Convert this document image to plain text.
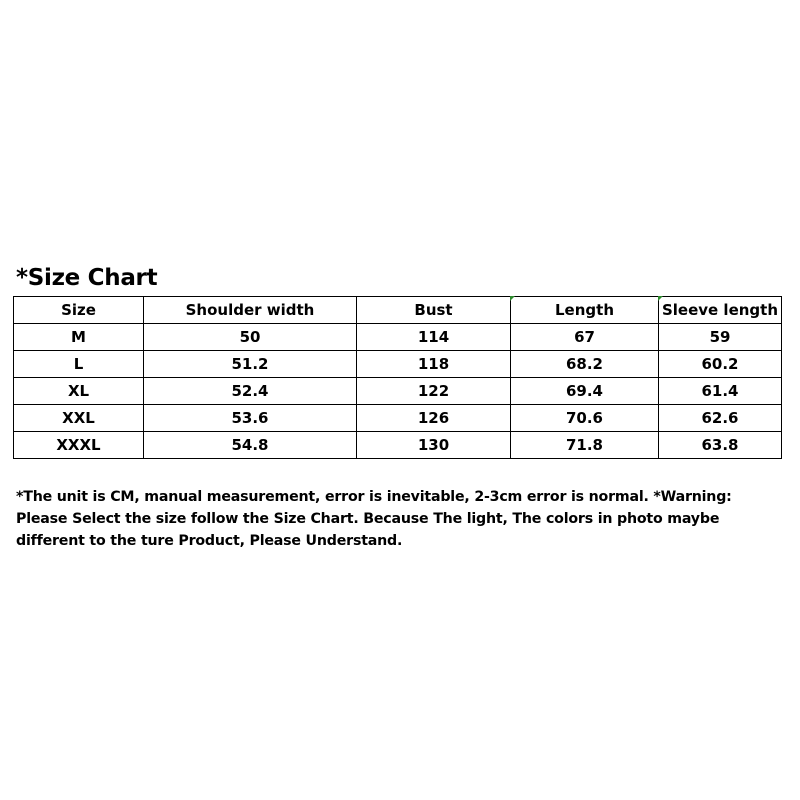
*Size Chart
Size	Shoulder width	Bust	Length	Sleeve length
M	50	114	67	59
L	51.2	118	68.2	60.2
XL	52.4	122	69.4	61.4
XXL	53.6	126	70.6	62.6
XXXL	54.8	130	71.8	63.8
*The unit is CM, manual measurement, error is inevitable, 2-3cm error is normal. *Warning:
Please Select the size follow the Size Chart. Because The light, The colors in photo maybe
different to the ture Product, Please Understand.
